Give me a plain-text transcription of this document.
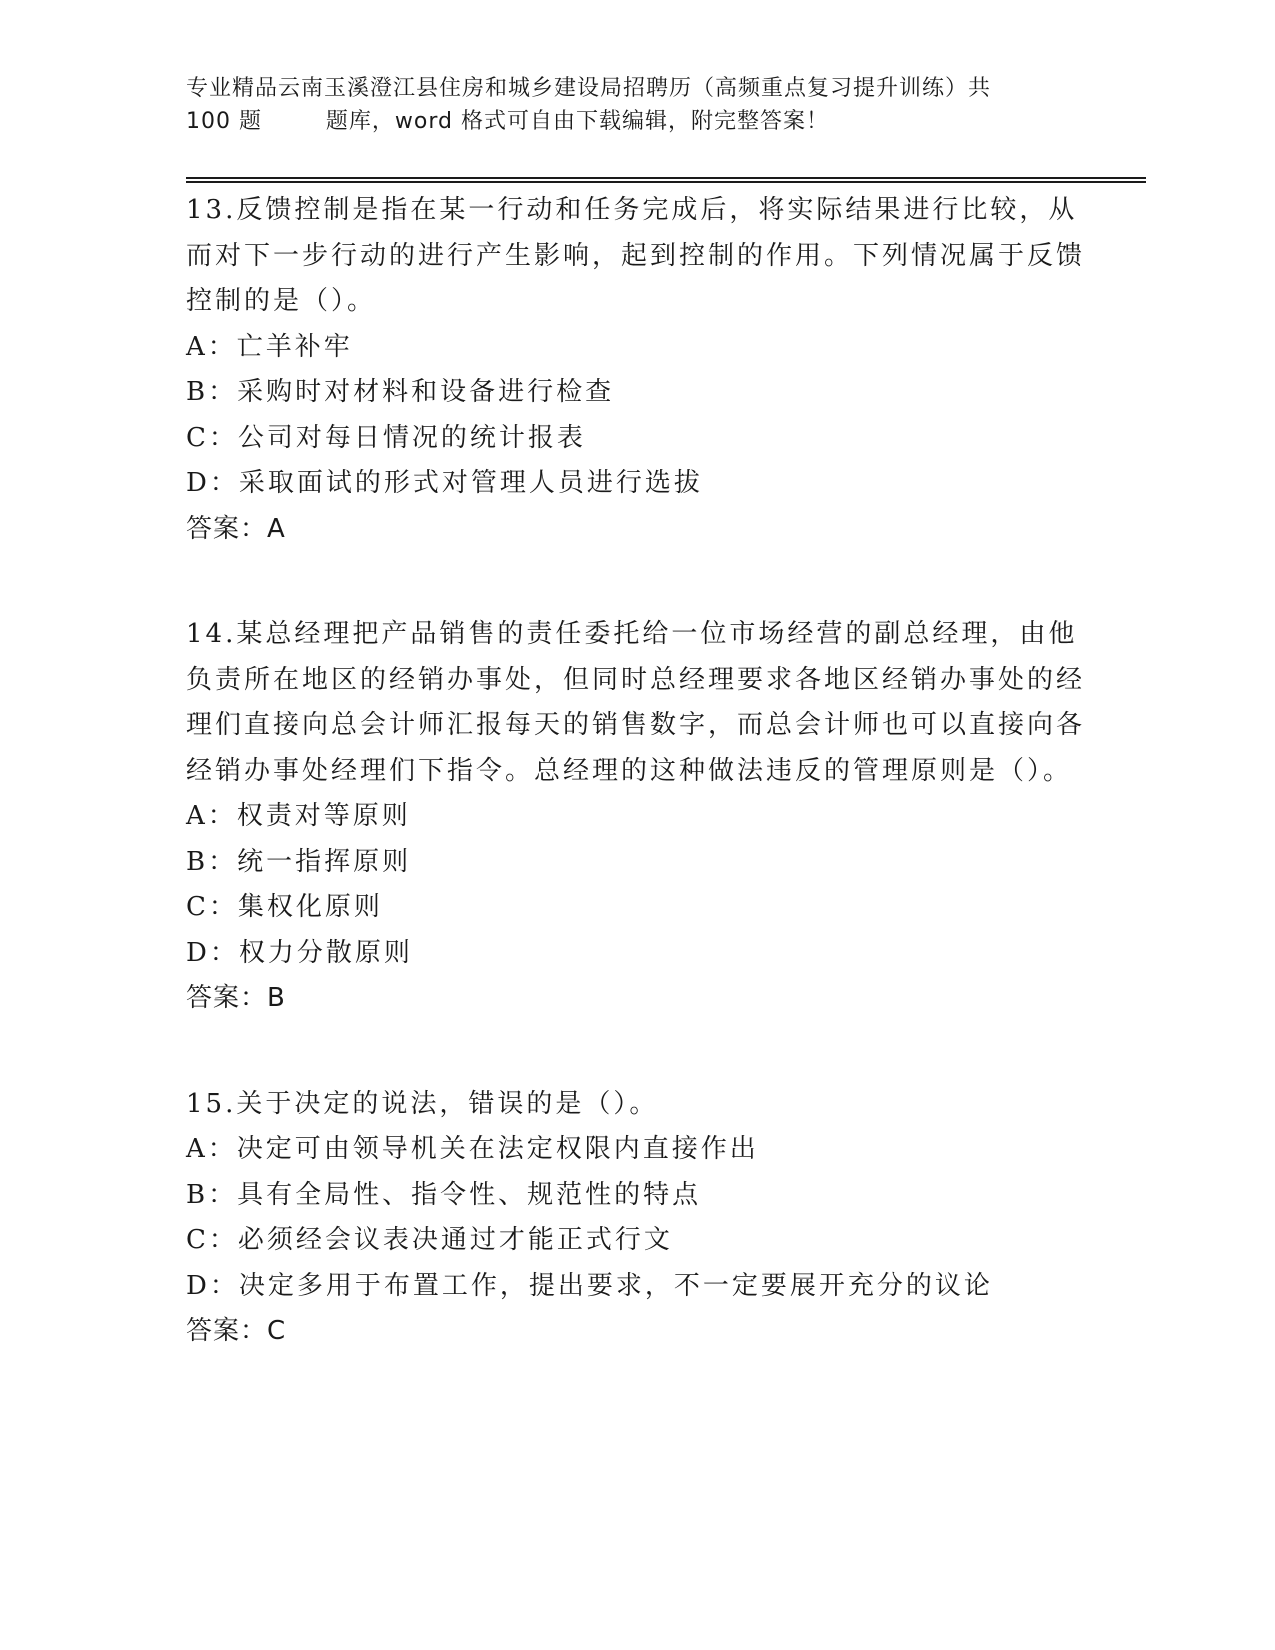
专业精品云南玉溪澄江县住房和城乡建设局招聘历（高频重点复习提升训练）共
100 题        题库，word 格式可自由下载编辑，附完整答案！

13.反馈控制是指在某一行动和任务完成后，将实际结果进行比较，从而对下一步行动的进行产生影响，起到控制的作用。下列情况属于反馈控制的是（）。

A：亡羊补牢

B：采购时对材料和设备进行检查

C：公司对每日情况的统计报表

D：采取面试的形式对管理人员进行选拔

答案：A

14.某总经理把产品销售的责任委托给一位市场经营的副总经理，由他负责所在地区的经销办事处，但同时总经理要求各地区经销办事处的经理们直接向总会计师汇报每天的销售数字，而总会计师也可以直接向各经销办事处经理们下指令。总经理的这种做法违反的管理原则是（）。

A：权责对等原则

B：统一指挥原则

C：集权化原则

D：权力分散原则

答案：B

15.关于决定的说法，错误的是（）。

A：决定可由领导机关在法定权限内直接作出

B：具有全局性、指令性、规范性的特点

C：必须经会议表决通过才能正式行文

D：决定多用于布置工作，提出要求，不一定要展开充分的议论

答案：C
